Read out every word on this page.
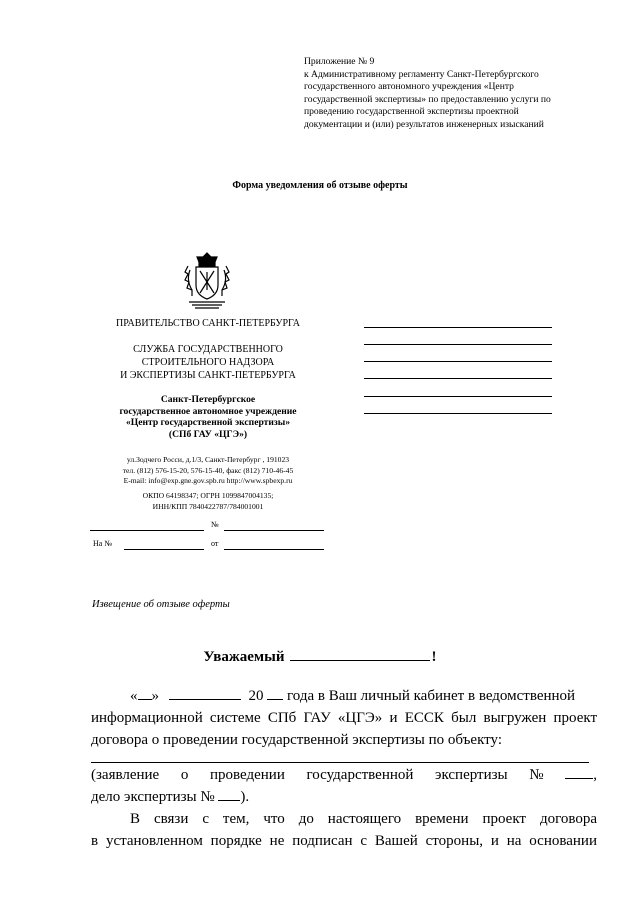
Приложение № 9
к Административному регламенту Санкт-Петербургского
государственного автономного учреждения «Центр
государственной экспертизы» по предоставлению услуги по
проведению государственной экспертизы проектной
документации и (или) результатов инженерных изысканий
Форма уведомления об отзыве оферты
ПРАВИТЕЛЬСТВО САНКТ-ПЕТЕРБУРГА
СЛУЖБА ГОСУДАРСТВЕННОГО
СТРОИТЕЛЬНОГО НАДЗОРА
И ЭКСПЕРТИЗЫ САНКТ-ПЕТЕРБУРГА
Санкт-Петербургское
государственное автономное учреждение
«Центр государственной экспертизы»
(СПб ГАУ «ЦГЭ»)
ул.Зодчего Росси, д.1/3, Санкт-Петербург , 191023
тел. (812) 576-15-20, 576-15-40, факс (812) 710-46-45
E-mail: info@exp.gne.gov.spb.ru http://www.spbexp.ru
ОКПО 64198347; ОГРН 1099847004135;
ИНН/КПП 7840422787/784001001
№
На №	от
Извещение об отзыве оферты
Уважаемый	!
« »	20 года в Ваш личный кабинет в ведомственной
информационной системе СПб ГАУ «ЦГЭ» и ЕССК был выгружен проект
договора о проведении государственной экспертизы по объекту:
(заявление о проведении государственной экспертизы №	,
дело экспертизы № ).
В связи с тем, что до настоящего времени проект договора
в установленном порядке не подписан с Вашей стороны, и на основании
